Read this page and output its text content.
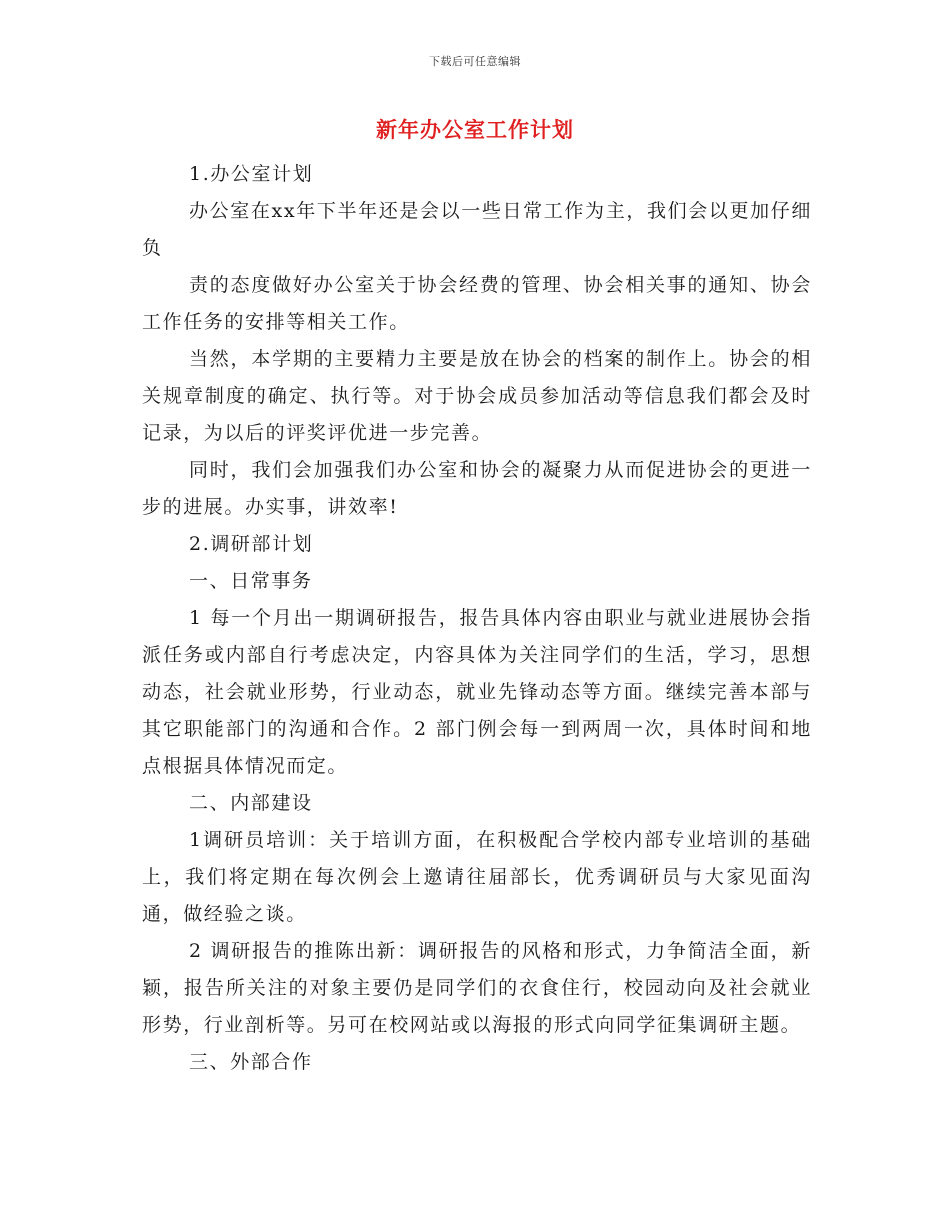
下载后可任意编辑
新年办公室工作计划

1.办公室计划

办公室在xx年下半年还是会以一些日常工作为主，我们会以更加仔细负

责的态度做好办公室关于协会经费的管理、协会相关事的通知、协会工作任务的安排等相关工作。

当然，本学期的主要精力主要是放在协会的档案的制作上。协会的相关规章制度的确定、执行等。对于协会成员参加活动等信息我们都会及时记录，为以后的评奖评优进一步完善。

同时，我们会加强我们办公室和协会的凝聚力从而促进协会的更进一步的进展。办实事，讲效率!

2.调研部计划

一、日常事务

1 每一个月出一期调研报告，报告具体内容由职业与就业进展协会指派任务或内部自行考虑决定，内容具体为关注同学们的生活，学习，思想动态，社会就业形势，行业动态，就业先锋动态等方面。继续完善本部与其它职能部门的沟通和合作。2 部门例会每一到两周一次，具体时间和地点根据具体情况而定。

二、内部建设

1调研员培训：关于培训方面，在积极配合学校内部专业培训的基础上，我们将定期在每次例会上邀请往届部长，优秀调研员与大家见面沟通，做经验之谈。

2 调研报告的推陈出新：调研报告的风格和形式，力争简洁全面，新颖，报告所关注的对象主要仍是同学们的衣食住行，校园动向及社会就业形势，行业剖析等。另可在校网站或以海报的形式向同学征集调研主题。

三、外部合作
